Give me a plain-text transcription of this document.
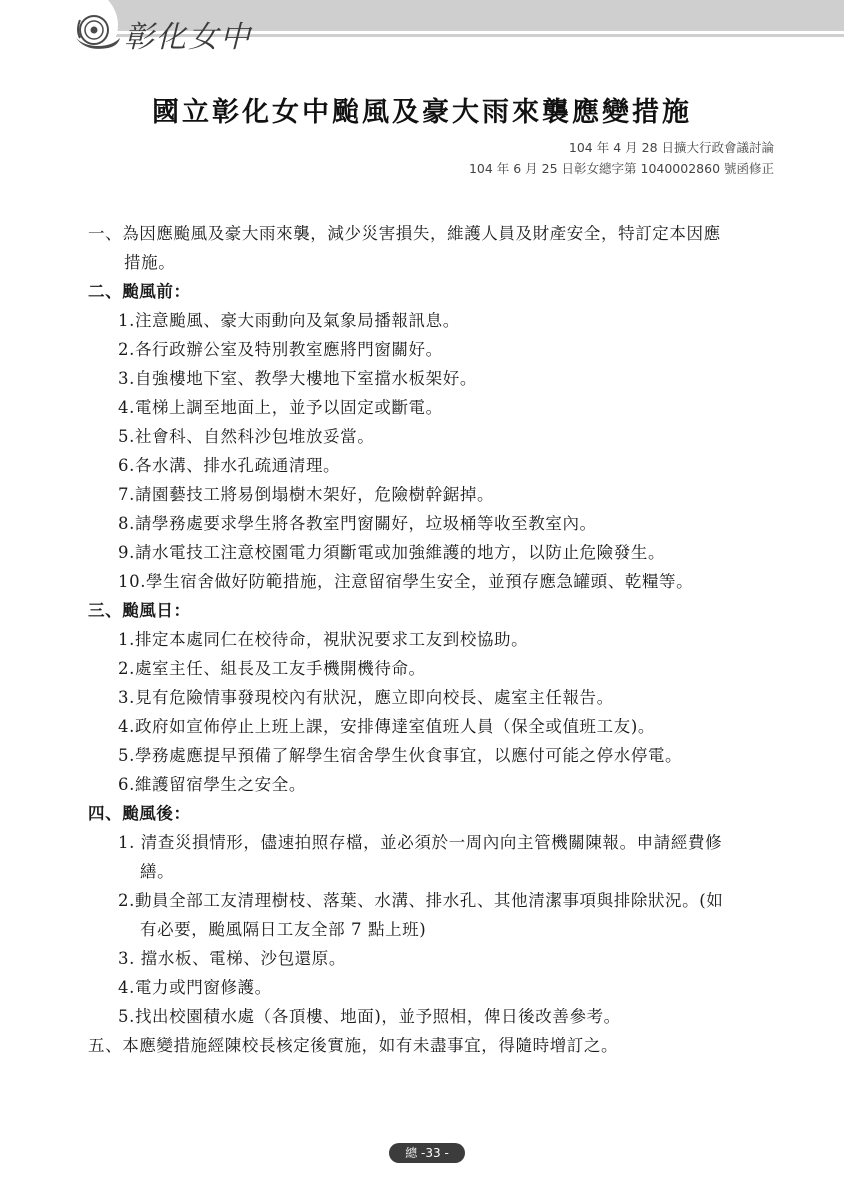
彰化女中
國立彰化女中颱風及豪大雨來襲應變措施
104 年 4 月 28 日擴大行政會議討論
104 年 6 月 25 日彰女總字第 1040002860 號函修正
一、為因應颱風及豪大雨來襲，減少災害損失，維護人員及財產安全，特訂定本因應
措施。
二、颱風前：
1.注意颱風、豪大雨動向及氣象局播報訊息。
2.各行政辦公室及特別教室應將門窗關好。
3.自強樓地下室、教學大樓地下室擋水板架好。
4.電梯上調至地面上，並予以固定或斷電。
5.社會科、自然科沙包堆放妥當。
6.各水溝、排水孔疏通清理。
7.請園藝技工將易倒塌樹木架好，危險樹幹鋸掉。
8.請學務處要求學生將各教室門窗關好，垃圾桶等收至教室內。
9.請水電技工注意校園電力須斷電或加強維護的地方，以防止危險發生。
10.學生宿舍做好防範措施，注意留宿學生安全，並預存應急罐頭、乾糧等。
三、颱風日：
1.排定本處同仁在校待命，視狀況要求工友到校協助。
2.處室主任、組長及工友手機開機待命。
3.見有危險情事發現校內有狀況，應立即向校長、處室主任報告。
4.政府如宣佈停止上班上課，安排傳達室值班人員（保全或值班工友)。
5.學務處應提早預備了解學生宿舍學生伙食事宜，以應付可能之停水停電。
6.維護留宿學生之安全。
四、颱風後：
1. 清查災損情形，儘速拍照存檔，並必須於一周內向主管機關陳報。申請經費修
繕。
2.動員全部工友清理樹枝、落葉、水溝、排水孔、其他清潔事項與排除狀況。(如
有必要，颱風隔日工友全部 7 點上班)
3. 擋水板、電梯、沙包還原。
4.電力或門窗修護。
5.找出校園積水處（各頂樓、地面)，並予照相，俾日後改善參考。
五、本應變措施經陳校長核定後實施，如有未盡事宜，得隨時增訂之。
總 -33 -
